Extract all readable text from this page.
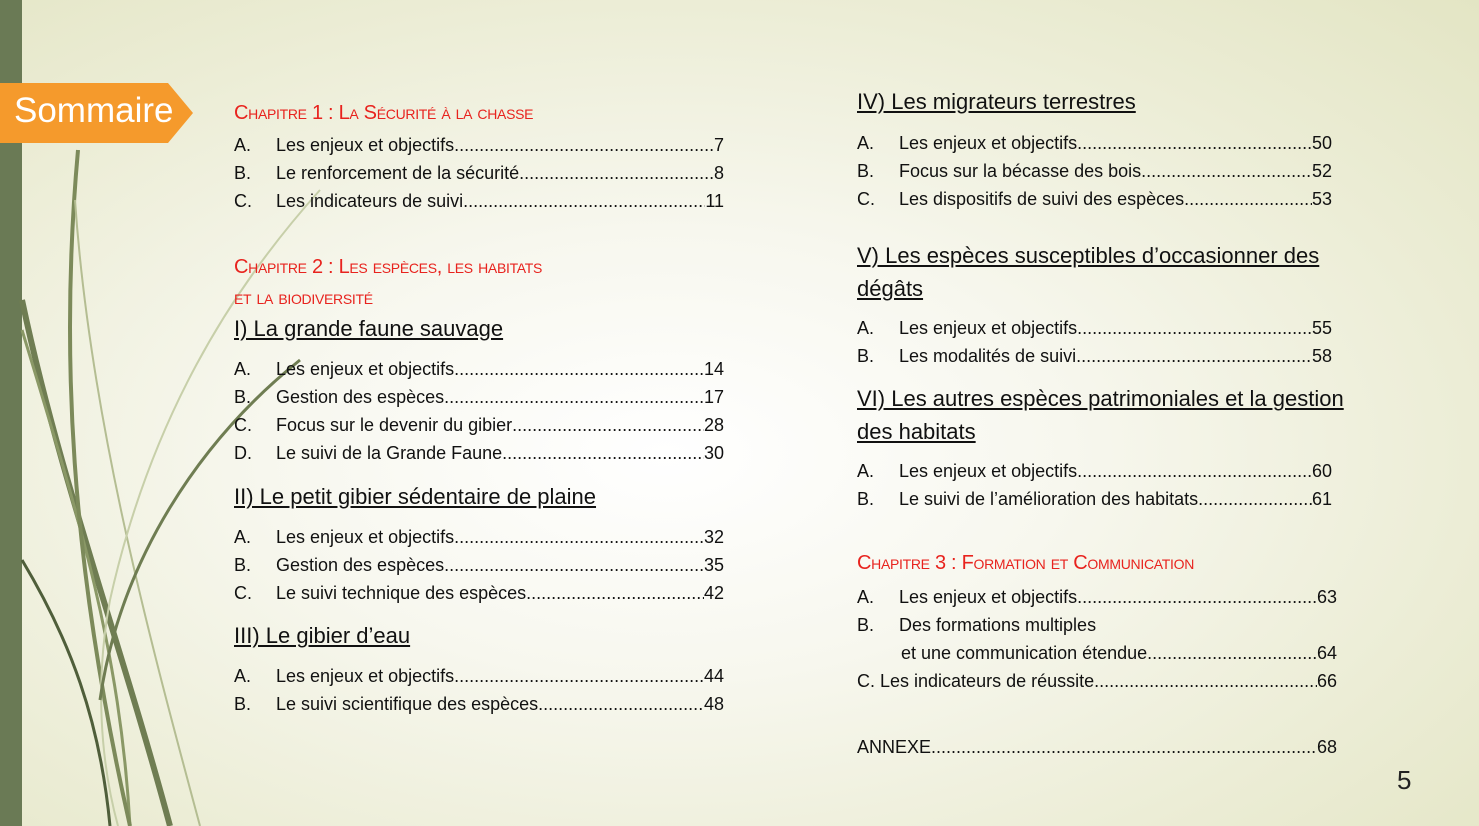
Sommaire	Chapitre 1 : La Sécurité à la chasse

A.	Les enjeux et objectifs .....	7
B.	Le renforcement de la sécurité .....	8
C.	Les indicateurs de suivi .....	11

Chapitre 2 : Les espèces, les habitats

et la biodiversité

I) La grande faune sauvage

A.	Les enjeux et objectifs .....	14
B.	Gestion des espèces .....	17
C.	Focus sur le devenir du gibier .....	28
D.	Le suivi de la Grande Faune .....	30

II) Le petit gibier sédentaire de plaine

A.	Les enjeux et objectifs .....	32
B.	Gestion des espèces .....	35
C.	Le suivi technique des espèces .....	42

III) Le gibier d’eau

A.	Les enjeux et objectifs .....	44
B.	Le suivi scientifique des espèces .....	48

IV) Les migrateurs terrestres

A.	Les enjeux et objectifs .....	50
B.	Focus sur la bécasse des bois .....	52
C.	Les dispositifs de suivi des espèces .....	53

V) Les espèces susceptibles d’occasionner des

dégâts

A.	Les enjeux et objectifs .....	55
B.	Les modalités de suivi .....	58

VI) Les autres espèces patrimoniales et la gestion

des habitats

A.	Les enjeux et objectifs .....	60
B.	Le suivi de l’amélioration des habitats .....	61

Chapitre 3 : Formation et Communication

A.	Les enjeux et objectifs .....	63
B.	Des formations multiples
et une communication étendue .....	64
C. Les indicateurs de réussite .....	66
ANNEXE .....	68
5
